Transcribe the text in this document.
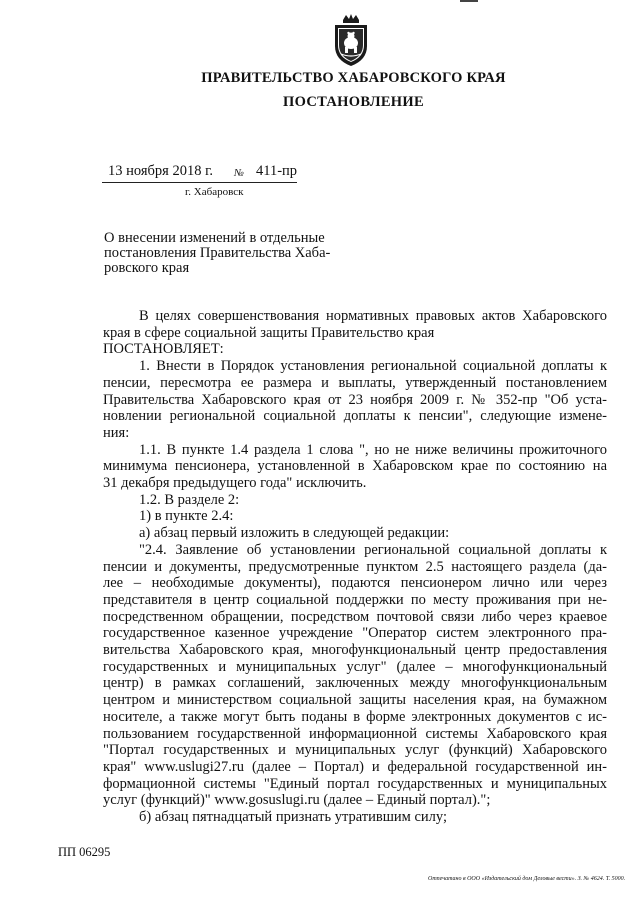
ПРАВИТЕЛЬСТВО ХАБАРОВСКОГО КРАЯ
ПОСТАНОВЛЕНИЕ
13 ноября 2018 г. № 411-пр
г. Хабаровск
О внесении изменений в отдельные
постановления Правительства Хаба-
ровского края
В целях совершенствования нормативных правовых актов Хабаровского
края в сфере социальной защиты Правительство края
ПОСТАНОВЛЯЕТ:
1. Внести в Порядок установления региональной социальной доплаты к
пенсии, пересмотра ее размера и выплаты, утвержденный постановлением
Правительства Хабаровского края от 23 ноября 2009 г. № 352-пр "Об уста-
новлении региональной социальной доплаты к пенсии", следующие измене-
ния:
1.1. В пункте 1.4 раздела 1 слова ", но не ниже величины прожиточного
минимума пенсионера, установленной в Хабаровском крае по состоянию на
31 декабря предыдущего года" исключить.
1.2. В разделе 2:
1) в пункте 2.4:
а) абзац первый изложить в следующей редакции:
"2.4. Заявление об установлении региональной социальной доплаты к
пенсии и документы, предусмотренные пунктом 2.5 настоящего раздела (да-
лее – необходимые документы), подаются пенсионером лично или через
представителя в центр социальной поддержки по месту проживания при не-
посредственном обращении, посредством почтовой связи либо через краевое
государственное казенное учреждение "Оператор систем электронного пра-
вительства Хабаровского края, многофункциональный центр предоставления
государственных и муниципальных услуг" (далее – многофункциональный
центр) в рамках соглашений, заключенных между многофункциональным
центром и министерством социальной защиты населения края, на бумажном
носителе, а также могут быть поданы в форме электронных документов с ис-
пользованием государственной информационной системы Хабаровского края
"Портал государственных и муниципальных услуг (функций) Хабаровского
края" www.uslugi27.ru (далее – Портал) и федеральной государственной ин-
формационной системы "Единый портал государственных и муниципальных
услуг (функций)" www.gosuslugi.ru (далее – Единый портал).";
б) абзац пятнадцатый признать утратившим силу;
ПП 06295
Отпечатано в ООО «Издательский дом Деловые вести». З. № 4624. Т. 5000.
